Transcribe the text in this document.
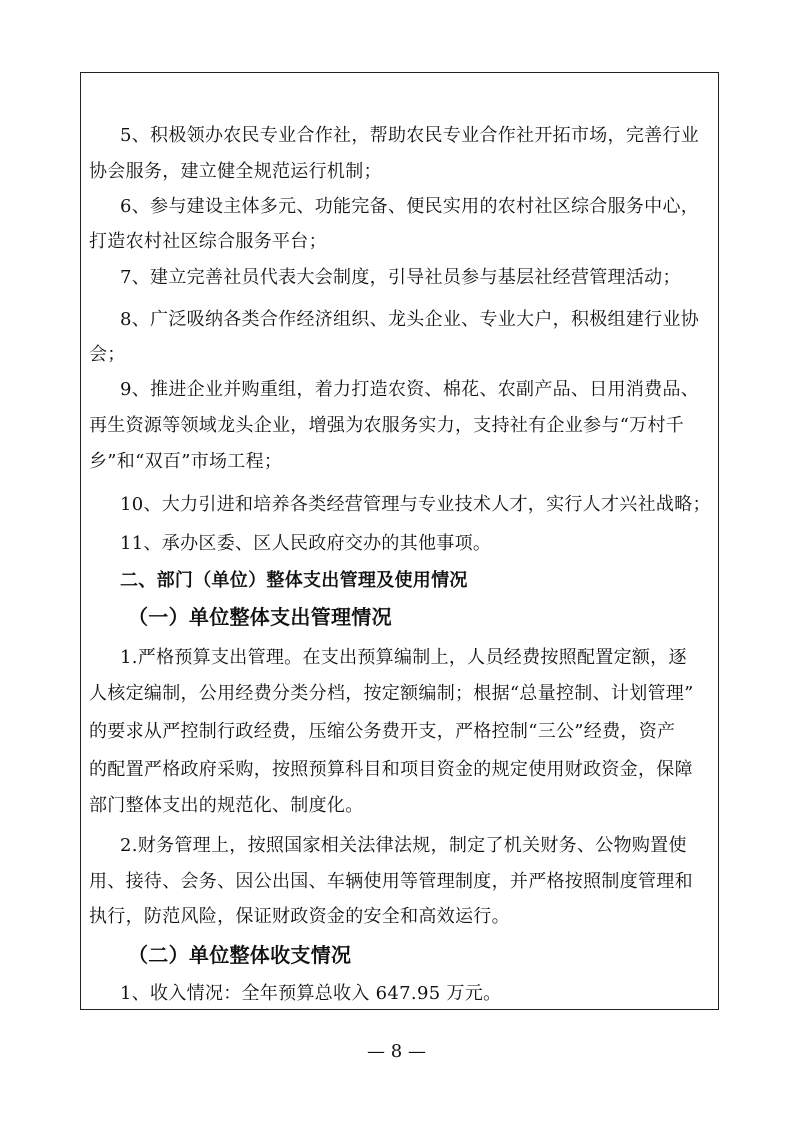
5、积极领办农民专业合作社，帮助农民专业合作社开拓市场，完善行业
协会服务，建立健全规范运行机制；
6、参与建设主体多元、功能完备、便民实用的农村社区综合服务中心，
打造农村社区综合服务平台；
7、建立完善社员代表大会制度，引导社员参与基层社经营管理活动；
8、广泛吸纳各类合作经济组织、龙头企业、专业大户，积极组建行业协
会；
9、推进企业并购重组，着力打造农资、棉花、农副产品、日用消费品、
再生资源等领域龙头企业，增强为农服务实力，支持社有企业参与“万村千
乡”和“双百”市场工程；
10、大力引进和培养各类经营管理与专业技术人才，实行人才兴社战略；
11、承办区委、区人民政府交办的其他事项。
二、部门（单位）整体支出管理及使用情况
（一）单位整体支出管理情况
1.严格预算支出管理。在支出预算编制上，人员经费按照配置定额，逐
人核定编制，公用经费分类分档，按定额编制；根据“总量控制、计划管理”
的要求从严控制行政经费，压缩公务费开支，严格控制“三公”经费，资产
的配置严格政府采购，按照预算科目和项目资金的规定使用财政资金，保障
部门整体支出的规范化、制度化。
2.财务管理上，按照国家相关法律法规，制定了机关财务、公物购置使
用、接待、会务、因公出国、车辆使用等管理制度，并严格按照制度管理和
执行，防范风险，保证财政资金的安全和高效运行。
（二）单位整体收支情况
1、收入情况：全年预算总收入 647.95 万元。
— 8 —
